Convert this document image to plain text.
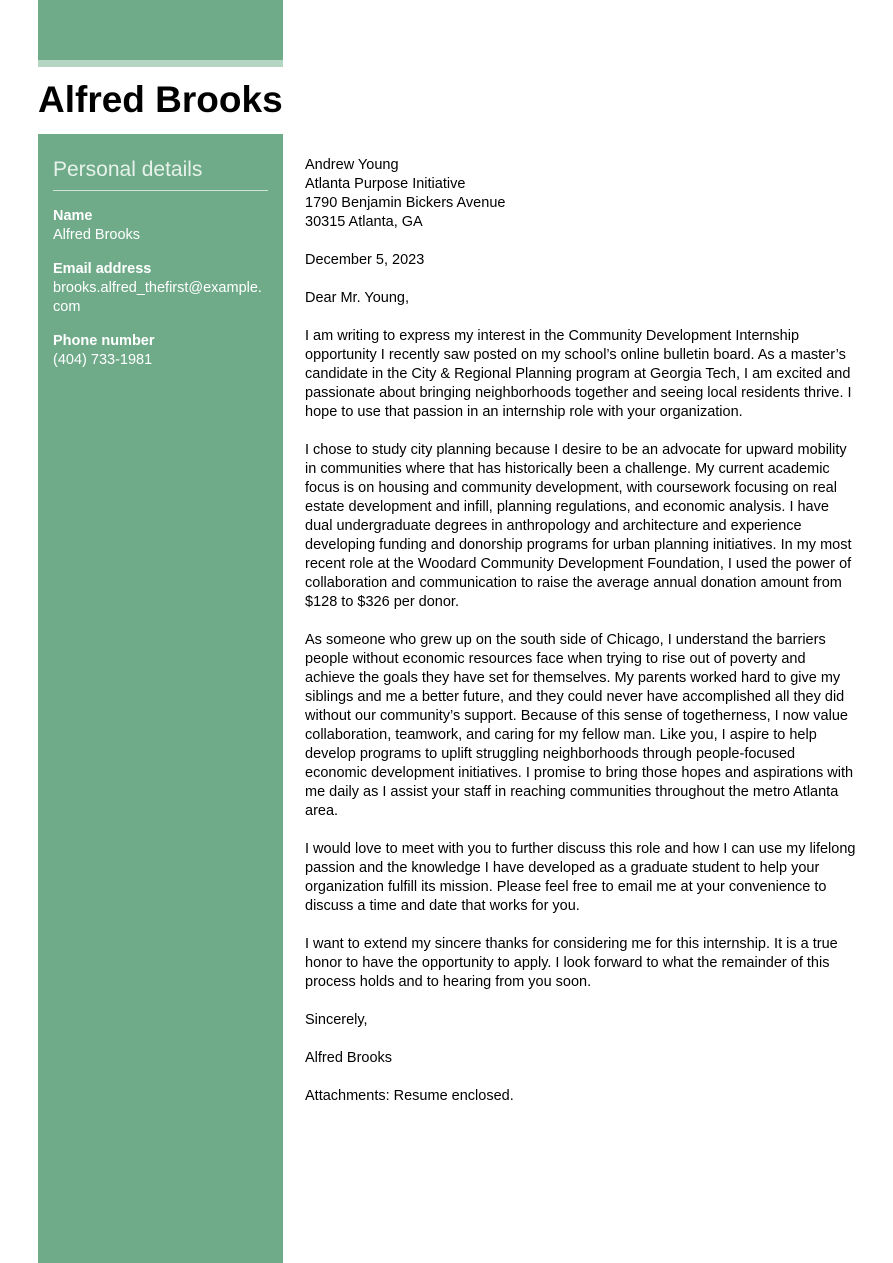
Alfred Brooks
Personal details
Name
Alfred Brooks
Email address
brooks.alfred_thefirst@example.com
Phone number
(404) 733-1981

Andrew Young
Atlanta Purpose Initiative
1790 Benjamin Bickers Avenue
30315 Atlanta, GA

December 5, 2023

Dear Mr. Young,

I am writing to express my interest in the Community Development Internship opportunity I recently saw posted on my school’s online bulletin board. As a master’s candidate in the City & Regional Planning program at Georgia Tech, I am excited and passionate about bringing neighborhoods together and seeing local residents thrive. I hope to use that passion in an internship role with your organization.

I chose to study city planning because I desire to be an advocate for upward mobility in communities where that has historically been a challenge. My current academic focus is on housing and community development, with coursework focusing on real estate development and infill, planning regulations, and economic analysis. I have dual undergraduate degrees in anthropology and architecture and experience developing funding and donorship programs for urban planning initiatives. In my most recent role at the Woodard Community Development Foundation, I used the power of collaboration and communication to raise the average annual donation amount from $128 to $326 per donor.

As someone who grew up on the south side of Chicago, I understand the barriers people without economic resources face when trying to rise out of poverty and achieve the goals they have set for themselves. My parents worked hard to give my siblings and me a better future, and they could never have accomplished all they did without our community’s support. Because of this sense of togetherness, I now value collaboration, teamwork, and caring for my fellow man. Like you, I aspire to help develop programs to uplift struggling neighborhoods through people-focused economic development initiatives. I promise to bring those hopes and aspirations with me daily as I assist your staff in reaching communities throughout the metro Atlanta area.

I would love to meet with you to further discuss this role and how I can use my lifelong passion and the knowledge I have developed as a graduate student to help your organization fulfill its mission. Please feel free to email me at your convenience to discuss a time and date that works for you.

I want to extend my sincere thanks for considering me for this internship. It is a true honor to have the opportunity to apply. I look forward to what the remainder of this process holds and to hearing from you soon.

Sincerely,

Alfred Brooks

Attachments: Resume enclosed.
